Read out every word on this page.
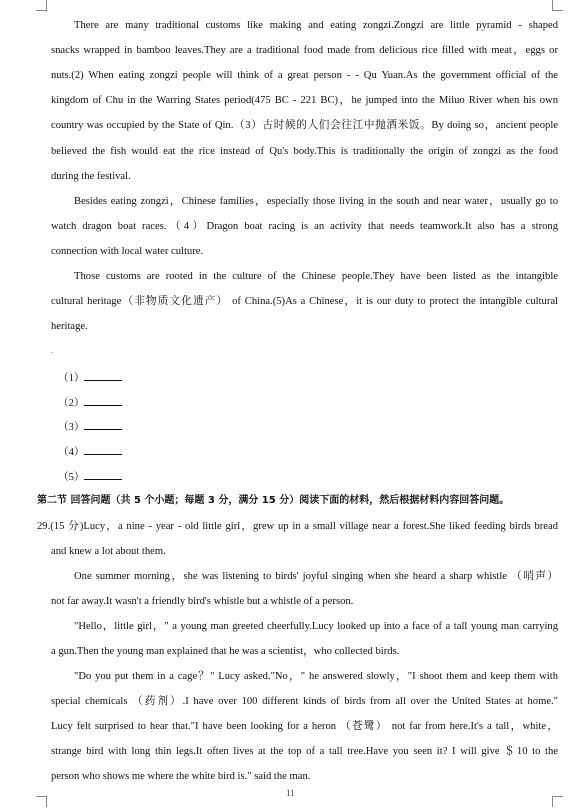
There are many traditional customs like making and eating zongzi.Zongzi are little pyramid - shaped
snacks wrapped in bamboo leaves.They are a traditional food made from delicious rice filled with meat，eggs or
nuts.(2) When eating zongzi people will think of a great person - - Qu Yuan.As the government official of the
kingdom of Chu in the Warring States period(475 BC - 221 BC)，he jumped into the Miluo River when his own
country was occupied by the State of Qin.（3）古时候的人们会往江中抛洒米饭。By doing so，ancient people
believed the fish would eat the rice instead of Qu's body.This is traditionally the origin of zongzi as the food
during the festival.
Besides eating zongzi，Chinese families，especially those living in the south and near water，usually go to
watch dragon boat races.（4）Dragon boat racing is an activity that needs teamwork.It also has a strong
connection with local water culture.
Those customs are rooted in the culture of the Chinese people.They have been listed as the intangible
cultural heritage（非物质文化遗产） of China.(5)As a Chinese，it is our duty to protect the intangible cultural
heritage.
.
（1）
（2）
（3）
（4）
（5）
第二节 回答问题（共 5 个小题；每题 3 分，满分 15 分）阅读下面的材料，然后根据材料内容回答问题。
29.(15 分)Lucy，a nine - year - old little girl，grew up in a small village near a forest.She liked feeding birds bread
and knew a lot about them.
One summer morning，she was listening to birds' joyful singing when she heard a sharp whistle （哨声）
not far away.It wasn't a friendly bird's whistle but a whistle of a person.
"Hello，little girl，" a young man greeted cheerfully.Lucy looked up into a face of a tall young man carrying
a gun.Then the young man explained that he was a scientist，who collected birds.
"Do you put them in a cage？" Lucy asked."No，" he answered slowly，"I shoot them and keep them with
special chemicals （药剂）.I have over 100 different kinds of birds from all over the United States at home."
Lucy felt surprised to hear that."I have been looking for a heron （苍鹭） not far from here.It's a tall，white，
strange bird with long thin legs.It often lives at the top of a tall tree.Have you seen it? I will give ＄10 to the
person who shows me where the white bird is." said the man.
11
